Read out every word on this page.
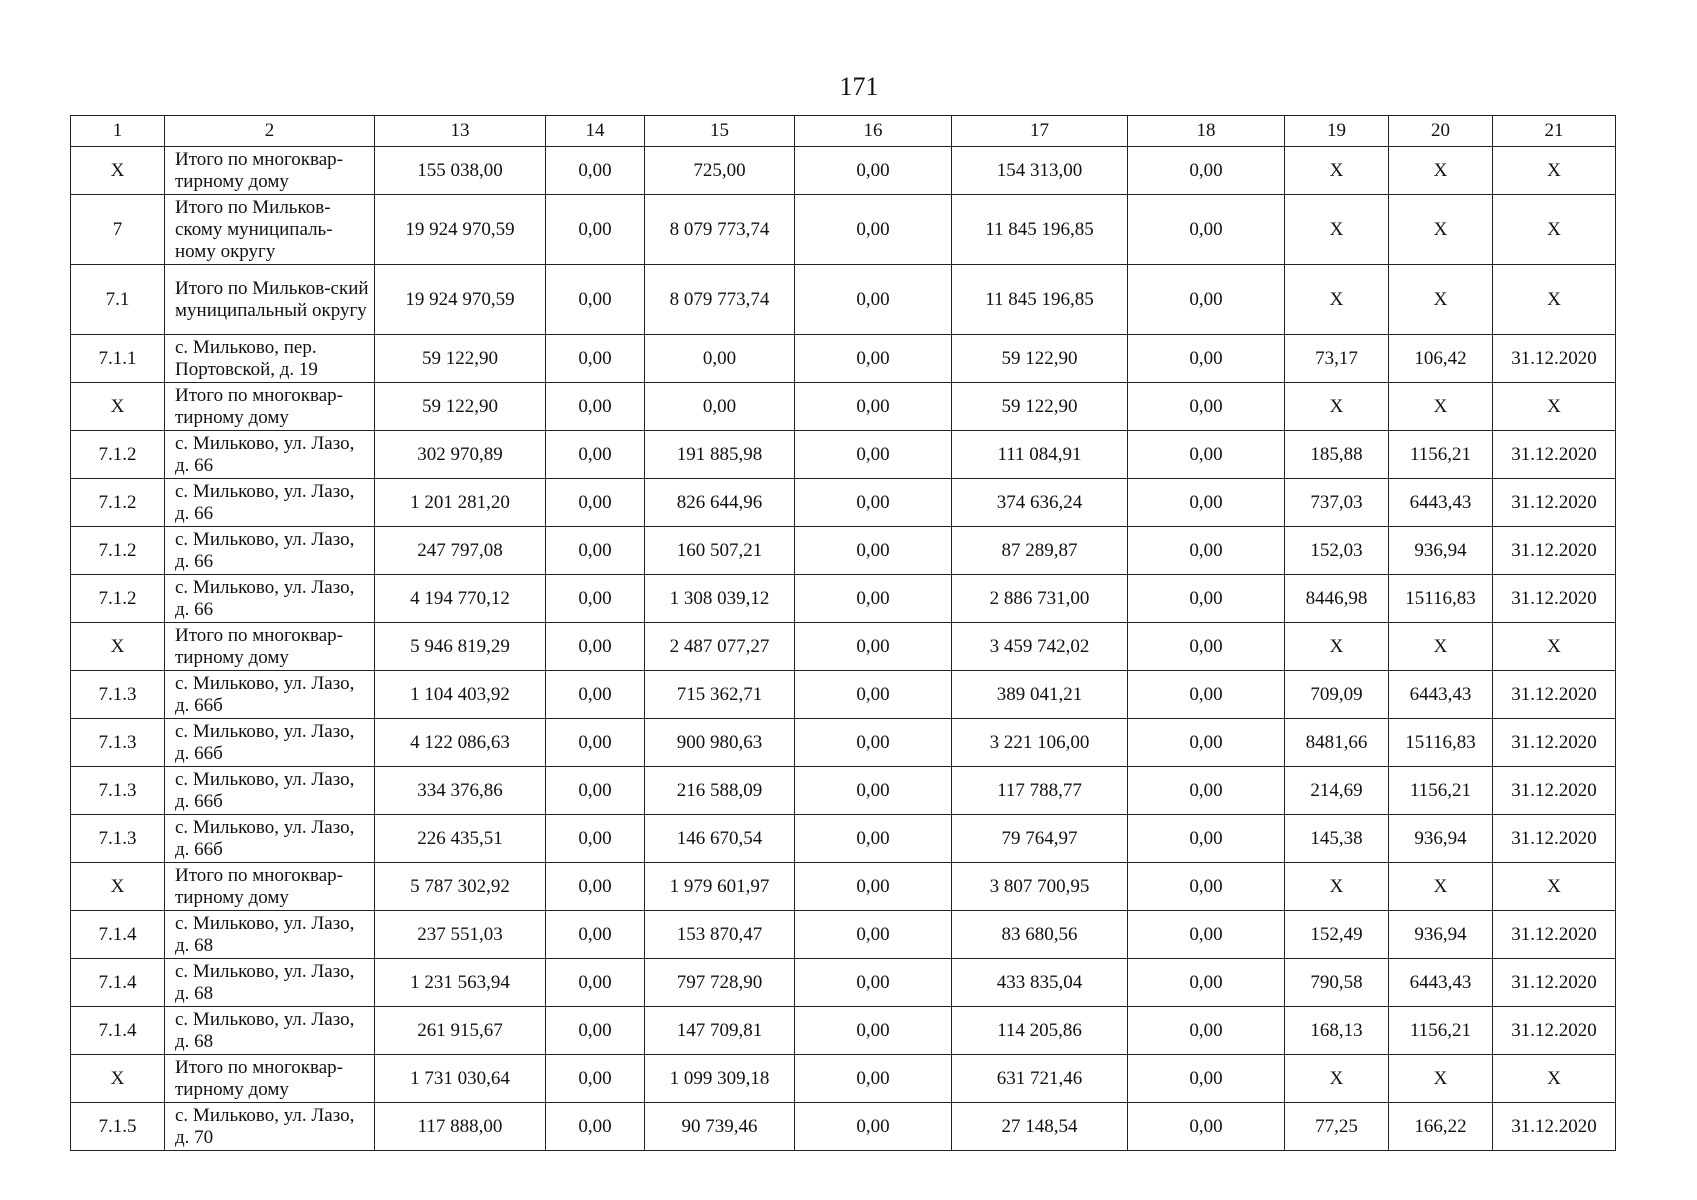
171
1	2	13	14	15	16	17	18	19	20	21
Х	Итого по многоквар-тирному дому	155 038,00	0,00	725,00	0,00	154 313,00	0,00	Х	Х	Х
7	Итого по Мильков-скому муниципаль-ному округу	19 924 970,59	0,00	8 079 773,74	0,00	11 845 196,85	0,00	Х	Х	Х
7.1	Итого по Мильков-ский муниципальный округу	19 924 970,59	0,00	8 079 773,74	0,00	11 845 196,85	0,00	Х	Х	Х
7.1.1	с. Мильково, пер. Портовской, д. 19	59 122,90	0,00	0,00	0,00	59 122,90	0,00	73,17	106,42	31.12.2020
Х	Итого по многоквар-тирному дому	59 122,90	0,00	0,00	0,00	59 122,90	0,00	Х	Х	Х
7.1.2	с. Мильково, ул. Лазо, д. 66	302 970,89	0,00	191 885,98	0,00	111 084,91	0,00	185,88	1156,21	31.12.2020
7.1.2	с. Мильково, ул. Лазо, д. 66	1 201 281,20	0,00	826 644,96	0,00	374 636,24	0,00	737,03	6443,43	31.12.2020
7.1.2	с. Мильково, ул. Лазо, д. 66	247 797,08	0,00	160 507,21	0,00	87 289,87	0,00	152,03	936,94	31.12.2020
7.1.2	с. Мильково, ул. Лазо, д. 66	4 194 770,12	0,00	1 308 039,12	0,00	2 886 731,00	0,00	8446,98	15116,83	31.12.2020
Х	Итого по многоквар-тирному дому	5 946 819,29	0,00	2 487 077,27	0,00	3 459 742,02	0,00	Х	Х	Х
7.1.3	с. Мильково, ул. Лазо, д. 66б	1 104 403,92	0,00	715 362,71	0,00	389 041,21	0,00	709,09	6443,43	31.12.2020
7.1.3	с. Мильково, ул. Лазо, д. 66б	4 122 086,63	0,00	900 980,63	0,00	3 221 106,00	0,00	8481,66	15116,83	31.12.2020
7.1.3	с. Мильково, ул. Лазо, д. 66б	334 376,86	0,00	216 588,09	0,00	117 788,77	0,00	214,69	1156,21	31.12.2020
7.1.3	с. Мильково, ул. Лазо, д. 66б	226 435,51	0,00	146 670,54	0,00	79 764,97	0,00	145,38	936,94	31.12.2020
Х	Итого по многоквар-тирному дому	5 787 302,92	0,00	1 979 601,97	0,00	3 807 700,95	0,00	Х	Х	Х
7.1.4	с. Мильково, ул. Лазо, д. 68	237 551,03	0,00	153 870,47	0,00	83 680,56	0,00	152,49	936,94	31.12.2020
7.1.4	с. Мильково, ул. Лазо, д. 68	1 231 563,94	0,00	797 728,90	0,00	433 835,04	0,00	790,58	6443,43	31.12.2020
7.1.4	с. Мильково, ул. Лазо, д. 68	261 915,67	0,00	147 709,81	0,00	114 205,86	0,00	168,13	1156,21	31.12.2020
Х	Итого по многоквар-тирному дому	1 731 030,64	0,00	1 099 309,18	0,00	631 721,46	0,00	Х	Х	Х
7.1.5	с. Мильково, ул. Лазо, д. 70	117 888,00	0,00	90 739,46	0,00	27 148,54	0,00	77,25	166,22	31.12.2020
